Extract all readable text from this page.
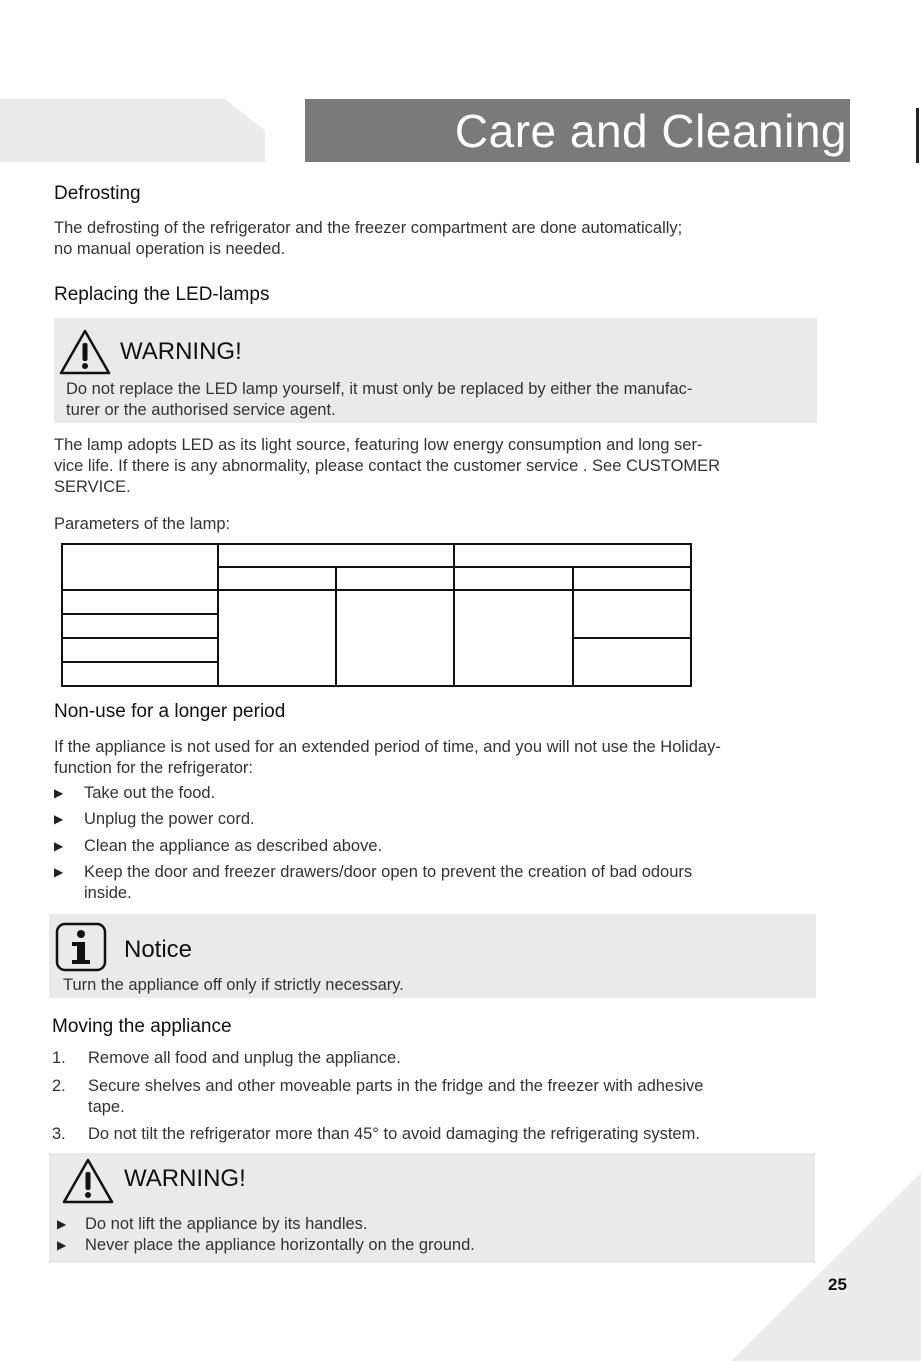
Care and Cleaning
Defrosting
The defrosting of the refrigerator and the freezer compartment are done automatically;
no manual operation is needed.
Replacing the LED-lamps
WARNING!
Do not replace the LED lamp yourself, it must only be replaced by either the manufac-
turer or the authorised service agent.
The lamp adopts LED as its light source, featuring low energy consumption and long ser-
vice life. If there is any abnormality, please contact the customer service . See CUSTOMER
SERVICE.
Parameters of the lamp:

Non-use for a longer period
If the appliance is not used for an extended period of time, and you will not use the Holiday-
function for the refrigerator:
▶ Take out the food.
▶ Unplug the power cord.
▶ Clean the appliance as described above.
▶ Keep the door and freezer drawers/door open to prevent the creation of bad odours
inside.
Notice
Turn the appliance off only if strictly necessary.
Moving the appliance
1. Remove all food and unplug the appliance.
2. Secure shelves and other moveable parts in the fridge and the freezer with adhesive
tape.
3. Do not tilt the refrigerator more than 45° to avoid damaging the refrigerating system.
WARNING!
▶ Do not lift the appliance by its handles.
▶ Never place the appliance horizontally on the ground.
25
